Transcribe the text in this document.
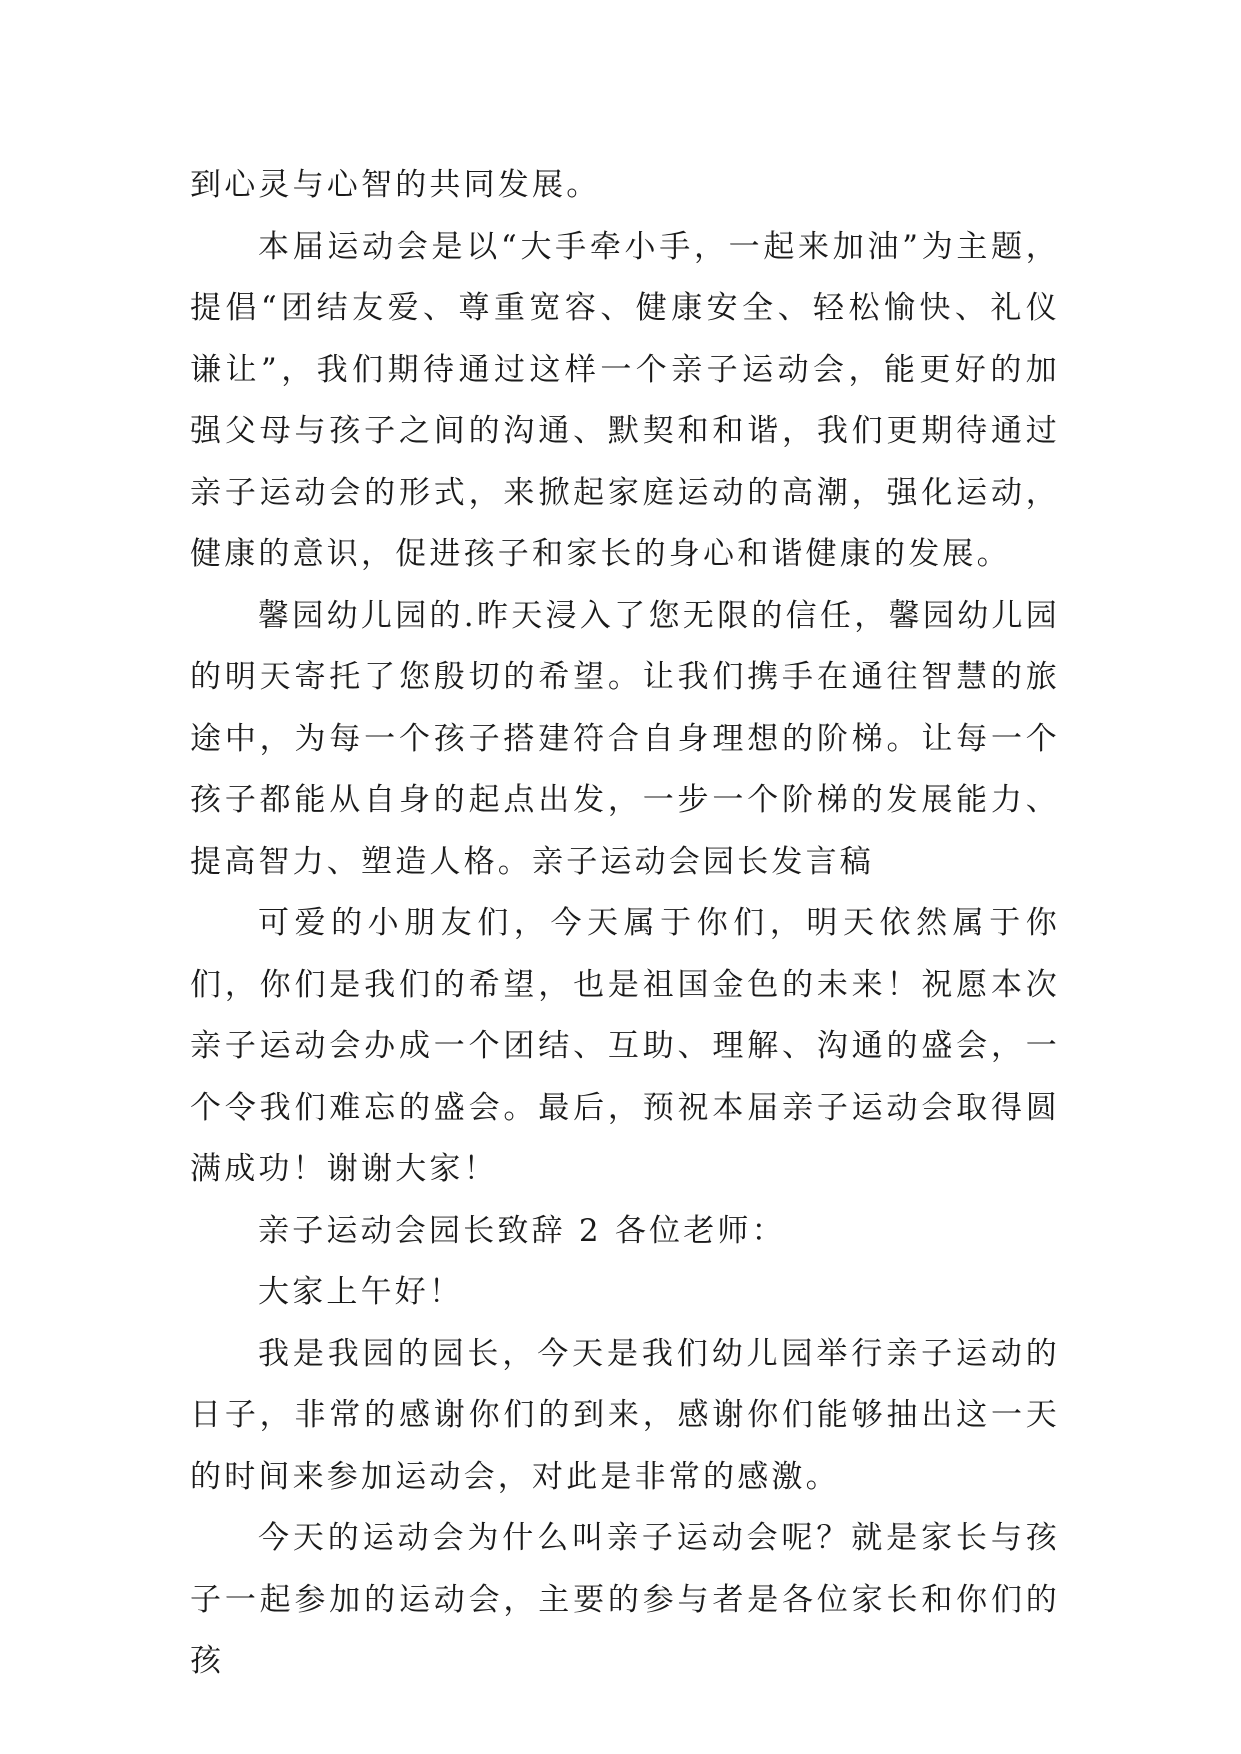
到心灵与心智的共同发展。

本届运动会是以“大手牵小手，一起来加油”为主题，提倡“团结友爱、尊重宽容、健康安全、轻松愉快、礼仪谦让”，我们期待通过这样一个亲子运动会，能更好的加强父母与孩子之间的沟通、默契和和谐，我们更期待通过亲子运动会的形式，来掀起家庭运动的高潮，强化运动，健康的意识，促进孩子和家长的身心和谐健康的发展。

馨园幼儿园的.昨天浸入了您无限的信任，馨园幼儿园的明天寄托了您殷切的希望。让我们携手在通往智慧的旅途中，为每一个孩子搭建符合自身理想的阶梯。让每一个孩子都能从自身的起点出发，一步一个阶梯的发展能力、提高智力、塑造人格。亲子运动会园长发言稿

可爱的小朋友们，今天属于你们，明天依然属于你们，你们是我们的希望，也是祖国金色的未来！祝愿本次亲子运动会办成一个团结、互助、理解、沟通的盛会，一个令我们难忘的盛会。最后，预祝本届亲子运动会取得圆满成功！谢谢大家！

亲子运动会园长致辞 2 各位老师：

大家上午好！

我是我园的园长，今天是我们幼儿园举行亲子运动的日子，非常的感谢你们的到来，感谢你们能够抽出这一天的时间来参加运动会，对此是非常的感激。

今天的运动会为什么叫亲子运动会呢？就是家长与孩子一起参加的运动会，主要的参与者是各位家长和你们的孩
